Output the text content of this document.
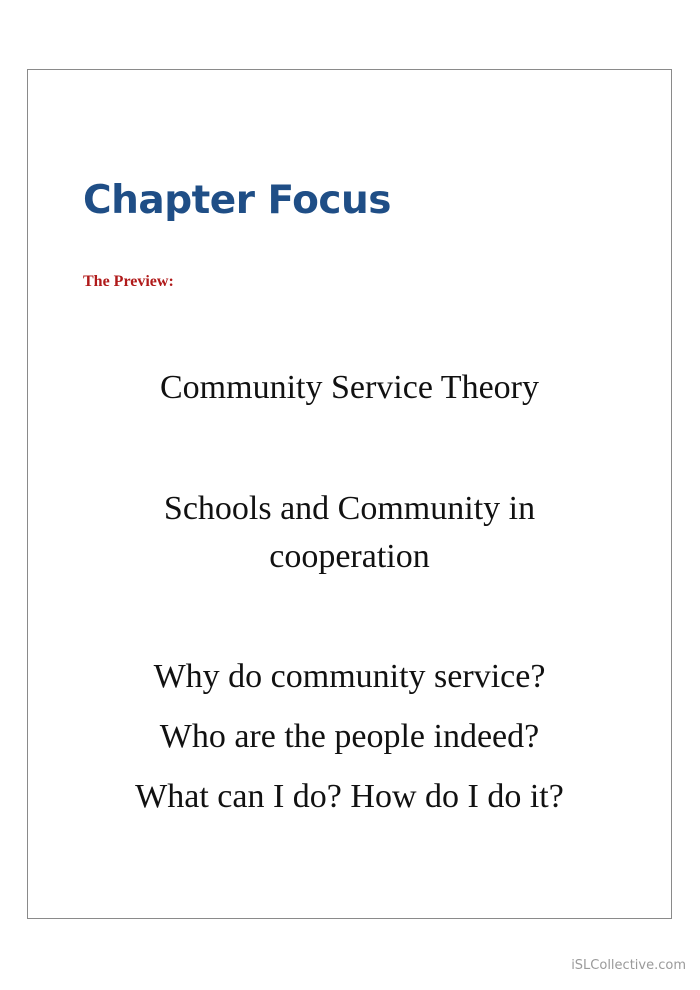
Chapter Focus

The Preview:

Community Service Theory

Schools and Community in

cooperation

Why do community service?

Who are the people indeed?

What can I do? How do I do it?

iSLCollective.com
